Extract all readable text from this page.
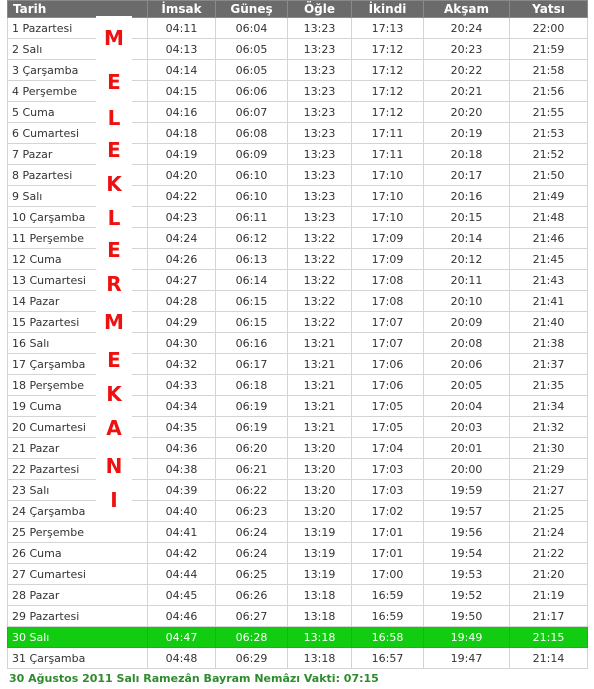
Tarih	İmsak	Güneş	Öğle	İkindi	Akşam	Yatsı
1 Pazartesi	04:11	06:04	13:23	17:13	20:24	22:00
2 Salı	04:13	06:05	13:23	17:12	20:23	21:59
3 Çarşamba	04:14	06:05	13:23	17:12	20:22	21:58
4 Perşembe	04:15	06:06	13:23	17:12	20:21	21:56
5 Cuma	04:16	06:07	13:23	17:12	20:20	21:55
6 Cumartesi	04:18	06:08	13:23	17:11	20:19	21:53
7 Pazar	04:19	06:09	13:23	17:11	20:18	21:52
8 Pazartesi	04:20	06:10	13:23	17:10	20:17	21:50
9 Salı	04:22	06:10	13:23	17:10	20:16	21:49
10 Çarşamba	04:23	06:11	13:23	17:10	20:15	21:48
11 Perşembe	04:24	06:12	13:22	17:09	20:14	21:46
12 Cuma	04:26	06:13	13:22	17:09	20:12	21:45
13 Cumartesi	04:27	06:14	13:22	17:08	20:11	21:43
14 Pazar	04:28	06:15	13:22	17:08	20:10	21:41
15 Pazartesi	04:29	06:15	13:22	17:07	20:09	21:40
16 Salı	04:30	06:16	13:21	17:07	20:08	21:38
17 Çarşamba	04:32	06:17	13:21	17:06	20:06	21:37
18 Perşembe	04:33	06:18	13:21	17:06	20:05	21:35
19 Cuma	04:34	06:19	13:21	17:05	20:04	21:34
20 Cumartesi	04:35	06:19	13:21	17:05	20:03	21:32
21 Pazar	04:36	06:20	13:20	17:04	20:01	21:30
22 Pazartesi	04:38	06:21	13:20	17:03	20:00	21:29
23 Salı	04:39	06:22	13:20	17:03	19:59	21:27
24 Çarşamba	04:40	06:23	13:20	17:02	19:57	21:25
25 Perşembe	04:41	06:24	13:19	17:01	19:56	21:24
26 Cuma	04:42	06:24	13:19	17:01	19:54	21:22
27 Cumartesi	04:44	06:25	13:19	17:00	19:53	21:20
28 Pazar	04:45	06:26	13:18	16:59	19:52	21:19
29 Pazartesi	04:46	06:27	13:18	16:59	19:50	21:17
30 Salı	04:47	06:28	13:18	16:58	19:49	21:15
31 Çarşamba	04:48	06:29	13:18	16:57	19:47	21:14
M
E
L
E
K
L
E
R
M
E
K
A
N
I
30 Ağustos 2011 Salı Ramezân Bayram Nemâzı Vakti: 07:15
